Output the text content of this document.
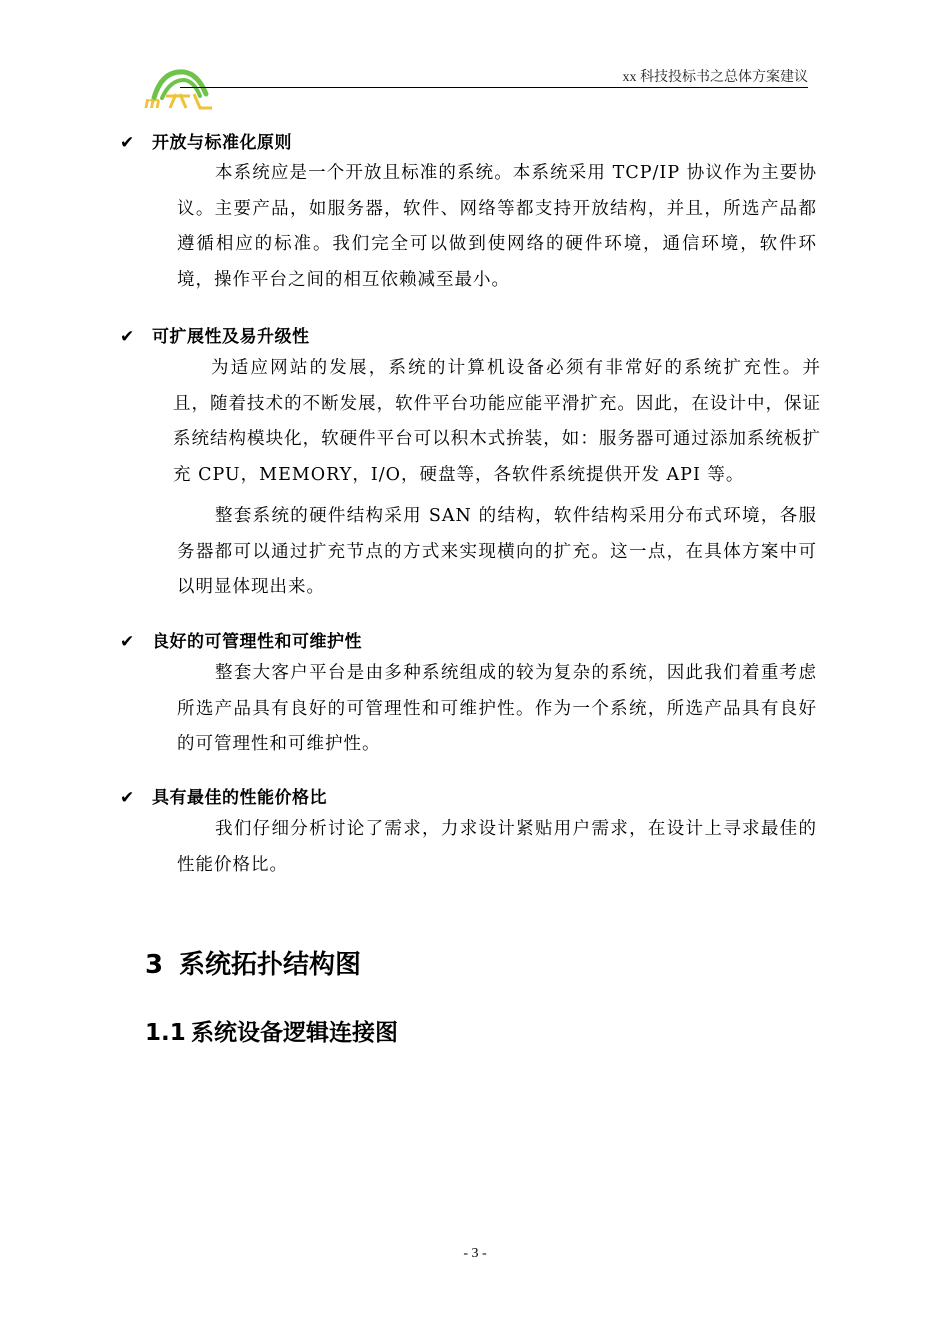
m
xx 科技投标书之总体方案建议
✔ 开放与标准化原则

本系统应是一个开放且标准的系统。本系统采用 TCP/IP 协议作为主要协议。主要产品，如服务器，软件、网络等都支持开放结构，并且，所选产品都遵循相应的标准。我们完全可以做到使网络的硬件环境，通信环境，软件环境，操作平台之间的相互依赖减至最小。

✔ 可扩展性及易升级性

为适应网站的发展，系统的计算机设备必须有非常好的系统扩充性。并且，随着技术的不断发展，软件平台功能应能平滑扩充。因此，在设计中，保证系统结构模块化，软硬件平台可以积木式拚装，如：服务器可通过添加系统板扩充 CPU，MEMORY，I/O，硬盘等，各软件系统提供开发 API 等。

整套系统的硬件结构采用 SAN 的结构，软件结构采用分布式环境，各服务器都可以通过扩充节点的方式来实现横向的扩充。这一点，在具体方案中可以明显体现出来。

✔ 良好的可管理性和可维护性

整套大客户平台是由多种系统组成的较为复杂的系统，因此我们着重考虑所选产品具有良好的可管理性和可维护性。作为一个系统，所选产品具有良好的可管理性和可维护性。

✔ 具有最佳的性能价格比

我们仔细分析讨论了需求，力求设计紧贴用户需求，在设计上寻求最佳的性能价格比。

3 系统拓扑结构图
1.1 系统设备逻辑连接图
- 3 -
